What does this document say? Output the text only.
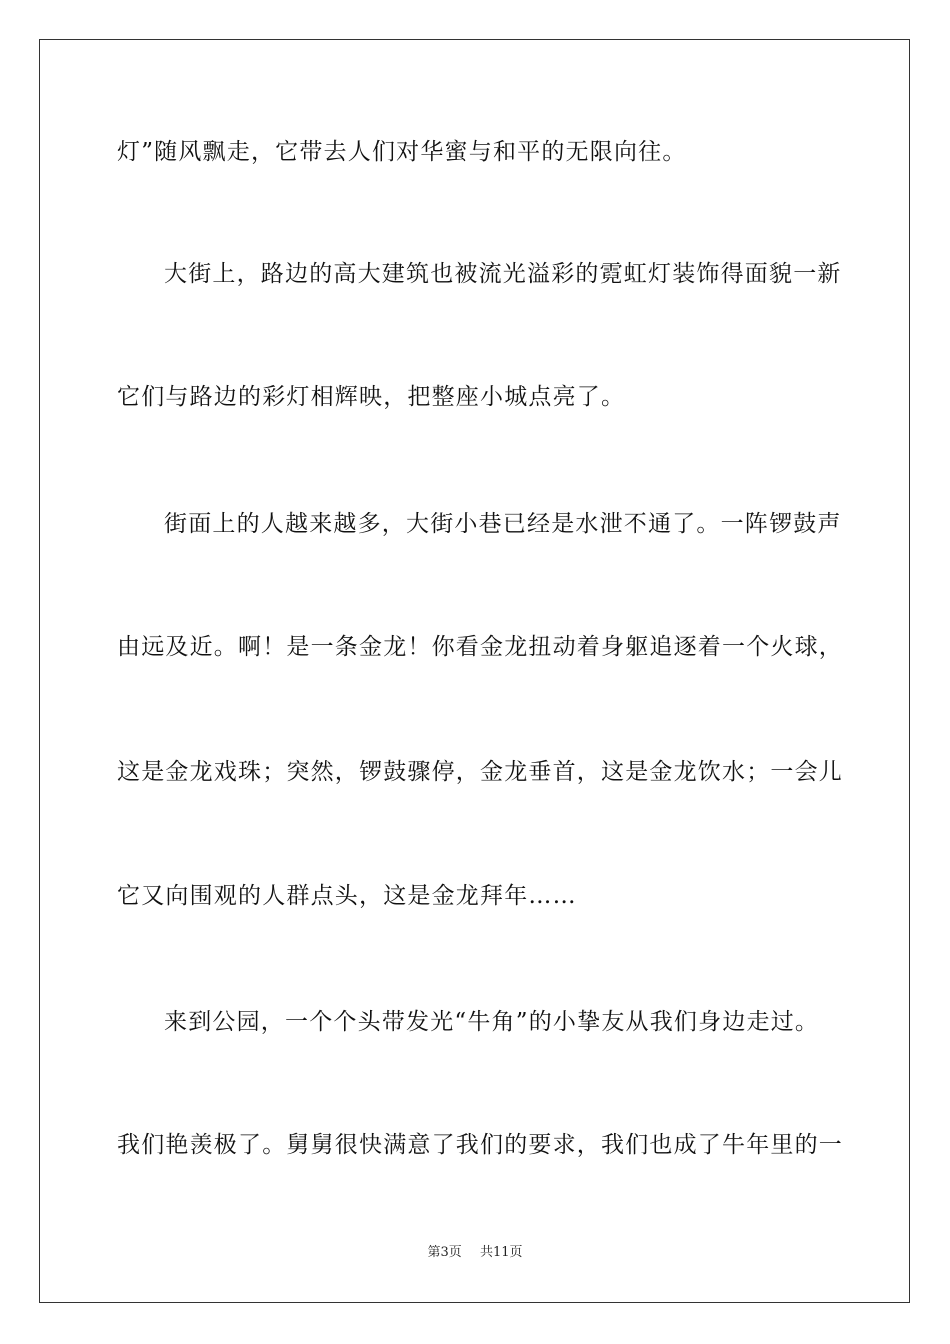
灯”随风飘走，它带去人们对华蜜与和平的无限向往。
大街上，路边的高大建筑也被流光溢彩的霓虹灯装饰得面貌一新
它们与路边的彩灯相辉映，把整座小城点亮了。
街面上的人越来越多，大街小巷已经是水泄不通了。一阵锣鼓声
由远及近。啊！是一条金龙！你看金龙扭动着身躯追逐着一个火球，
这是金龙戏珠；突然，锣鼓骤停，金龙垂首，这是金龙饮水；一会儿
它又向围观的人群点头，这是金龙拜年……
来到公园，一个个头带发光“牛角”的小挚友从我们身边走过。
我们艳羡极了。舅舅很快满意了我们的要求，我们也成了牛年里的一
第3页 共11页
